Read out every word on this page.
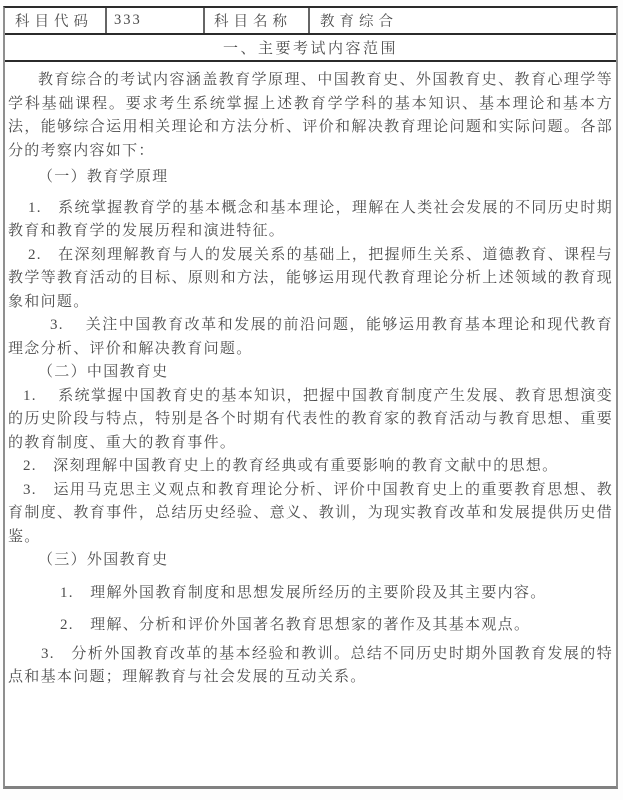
科目代码	333	科目名称	教育综合
一、主要考试内容范围

教育综合的考试内容涵盖教育学原理、中国教育史、外国教育史、教育心理学等学科基础课程。要求考生系统掌握上述教育学学科的基本知识、基本理论和基本方法，能够综合运用相关理论和方法分析、评价和解决教育理论问题和实际问题。各部分的考察内容如下：

（一）教育学原理

1.　系统掌握教育学的基本概念和基本理论，理解在人类社会发展的不同历史时期教育和教育学的发展历程和演进特征。

2.　在深刻理解教育与人的发展关系的基础上，把握师生关系、道德教育、课程与教学等教育活动的目标、原则和方法，能够运用现代教育理论分析上述领域的教育现象和问题。

3.　 关注中国教育改革和发展的前沿问题，能够运用教育基本理论和现代教育理念分析、评价和解决教育问题。

（二）中国教育史

1.　 系统掌握中国教育史的基本知识，把握中国教育制度产生发展、教育思想演变的历史阶段与特点，特别是各个时期有代表性的教育家的教育活动与教育思想、重要的教育制度、重大的教育事件。

2.　深刻理解中国教育史上的教育经典或有重要影响的教育文献中的思想。

3.　运用马克思主义观点和教育理论分析、评价中国教育史上的重要教育思想、教育制度、教育事件，总结历史经验、意义、教训，为现实教育改革和发展提供历史借鉴。

（三）外国教育史

1.　理解外国教育制度和思想发展所经历的主要阶段及其主要内容。

2.　理解、分析和评价外国著名教育思想家的著作及其基本观点。

3.　分析外国教育改革的基本经验和教训。总结不同历史时期外国教育发展的特点和基本问题；理解教育与社会发展的互动关系。
